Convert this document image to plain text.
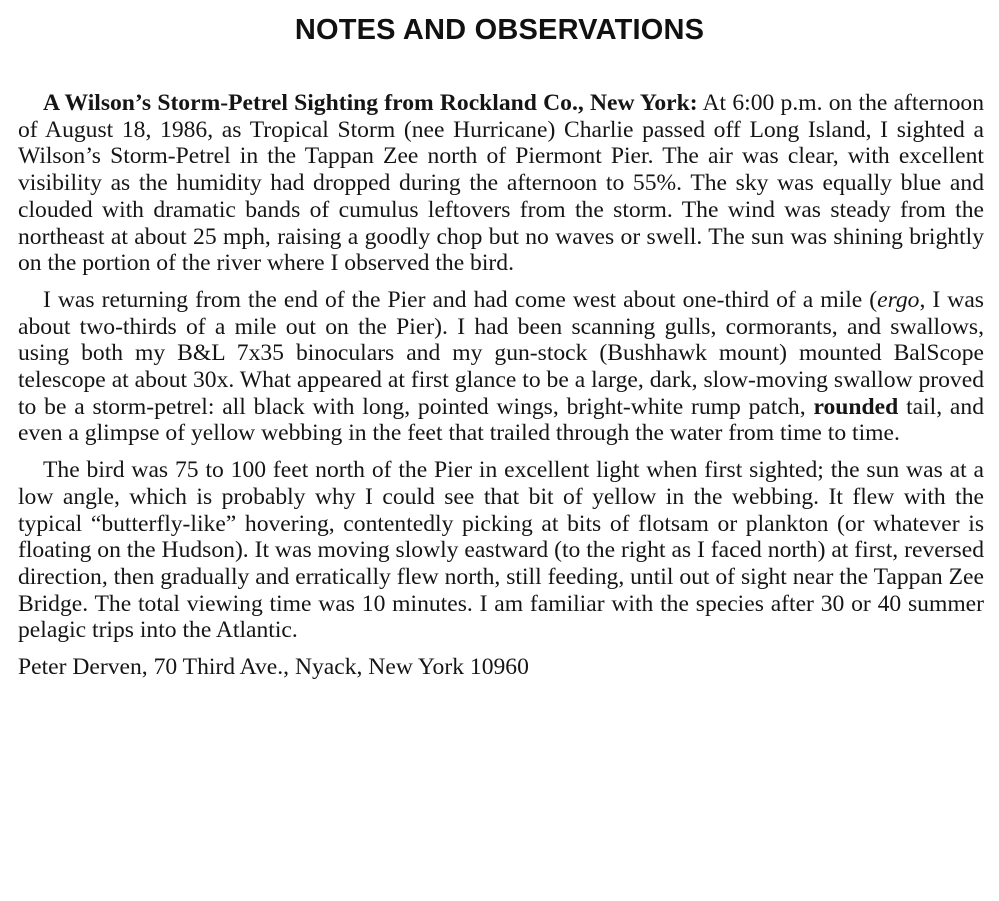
NOTES AND OBSERVATIONS

A Wilson’s Storm-Petrel Sighting from Rockland Co., New York: At 6:00 p.m. on the afternoon of August 18, 1986, as Tropical Storm (nee Hurricane) Charlie passed off Long Island, I sighted a Wilson’s Storm-Petrel in the Tappan Zee north of Piermont Pier. The air was clear, with excellent visibility as the humidity had dropped during the afternoon to 55%. The sky was equally blue and clouded with dramatic bands of cumulus leftovers from the storm. The wind was steady from the northeast at about 25 mph, raising a goodly chop but no waves or swell. The sun was shining brightly on the portion of the river where I observed the bird.

I was returning from the end of the Pier and had come west about one-third of a mile (ergo, I was about two-thirds of a mile out on the Pier). I had been scanning gulls, cormorants, and swallows, using both my B&L 7x35 binoculars and my gun-stock (Bushhawk mount) mounted BalScope telescope at about 30x. What appeared at first glance to be a large, dark, slow-moving swallow proved to be a storm-petrel: all black with long, pointed wings, bright-white rump patch, rounded tail, and even a glimpse of yellow webbing in the feet that trailed through the water from time to time.

The bird was 75 to 100 feet north of the Pier in excellent light when first sighted; the sun was at a low angle, which is probably why I could see that bit of yellow in the webbing. It flew with the typical “butterfly-like” hovering, contentedly picking at bits of flotsam or plankton (or whatever is floating on the Hudson). It was moving slowly eastward (to the right as I faced north) at first, reversed direction, then gradually and erratically flew north, still feeding, until out of sight near the Tappan Zee Bridge. The total viewing time was 10 minutes. I am familiar with the species after 30 or 40 summer pelagic trips into the Atlantic.

Peter Derven, 70 Third Ave., Nyack, New York 10960
